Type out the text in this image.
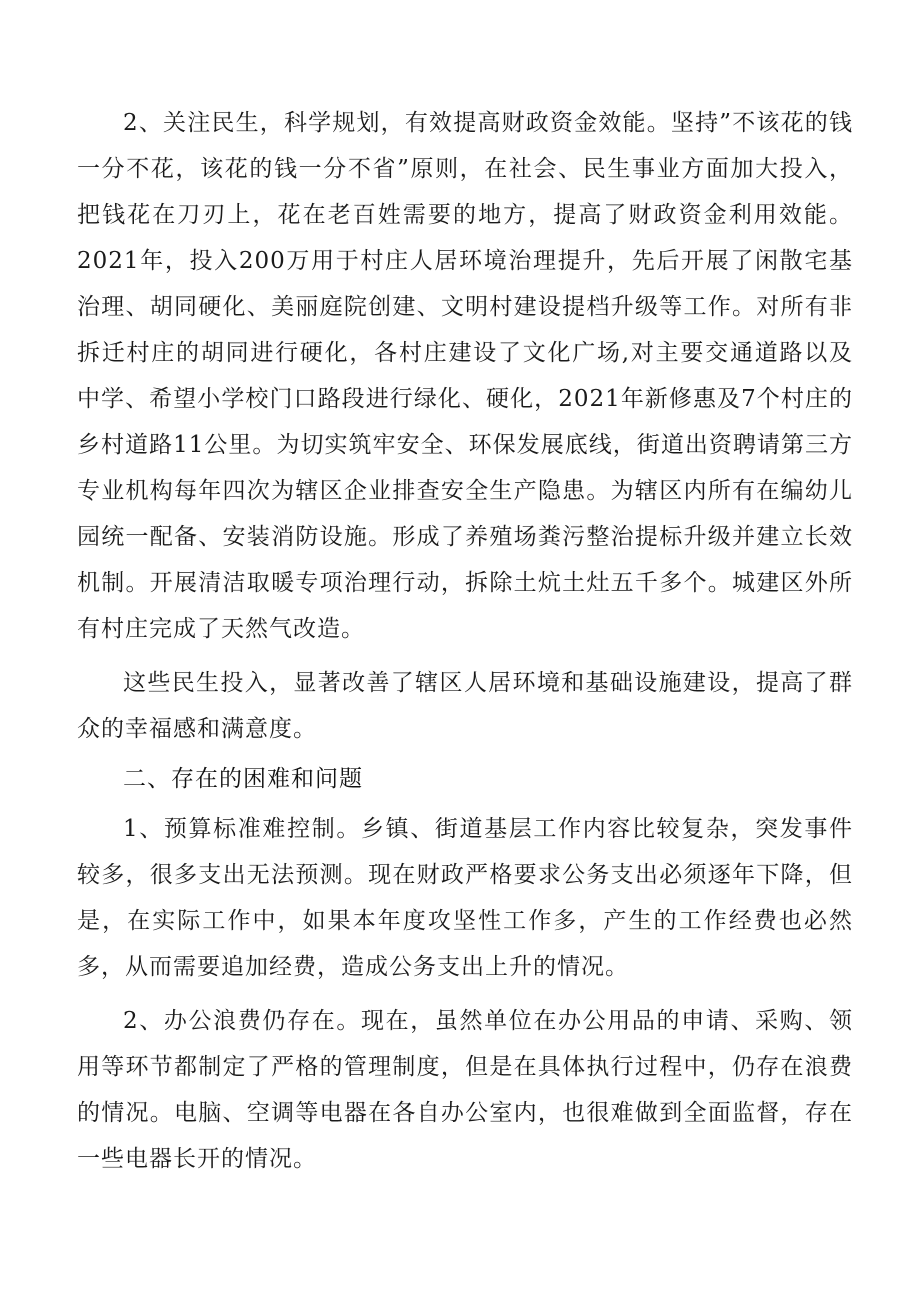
2、关注民生，科学规划，有效提高财政资金效能。坚持”不该花的钱一分不花，该花的钱一分不省”原则，在社会、民生事业方面加大投入，把钱花在刀刃上，花在老百姓需要的地方，提高了财政资金利用效能。2021年，投入200万用于村庄人居环境治理提升，先后开展了闲散宅基治理、胡同硬化、美丽庭院创建、文明村建设提档升级等工作。对所有非拆迁村庄的胡同进行硬化，各村庄建设了文化广场,对主要交通道路以及中学、希望小学校门口路段进行绿化、硬化，2021年新修惠及7个村庄的乡村道路11公里。为切实筑牢安全、环保发展底线，街道出资聘请第三方专业机构每年四次为辖区企业排查安全生产隐患。为辖区内所有在编幼儿园统一配备、安装消防设施。形成了养殖场粪污整治提标升级并建立长效机制。开展清洁取暖专项治理行动，拆除土炕土灶五千多个。城建区外所有村庄完成了天然气改造。

这些民生投入，显著改善了辖区人居环境和基础设施建设，提高了群众的幸福感和满意度。

二、存在的困难和问题

1、预算标准难控制。乡镇、街道基层工作内容比较复杂，突发事件较多，很多支出无法预测。现在财政严格要求公务支出必须逐年下降，但是，在实际工作中，如果本年度攻坚性工作多，产生的工作经费也必然多，从而需要追加经费，造成公务支出上升的情况。

2、办公浪费仍存在。现在，虽然单位在办公用品的申请、采购、领用等环节都制定了严格的管理制度，但是在具体执行过程中，仍存在浪费的情况。电脑、空调等电器在各自办公室内，也很难做到全面监督，存在一些电器长开的情况。
